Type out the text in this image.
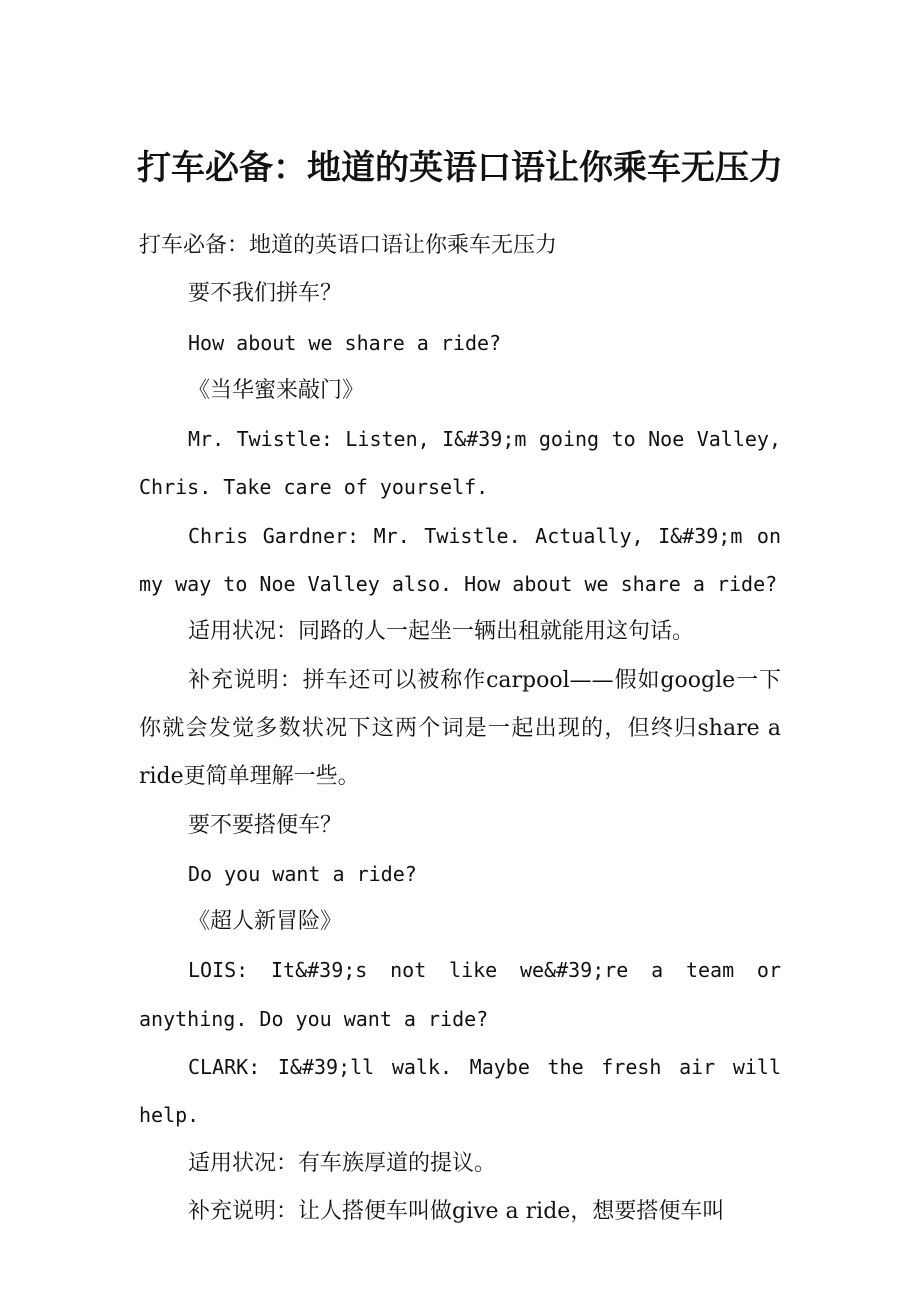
打车必备：地道的英语口语让你乘车无压力

打车必备：地道的英语口语让你乘车无压力

要不我们拼车？

How about we share a ride?

《当华蜜来敲门》

Mr. Twistle: Listen, I&#39;m going to Noe Valley, Chris. Take care of yourself.

Chris Gardner: Mr. Twistle. Actually, I&#39;m on my way to Noe Valley also. How about we share a ride?

适用状况：同路的人一起坐一辆出租就能用这句话。

补充说明：拼车还可以被称作carpool——假如google一下你就会发觉多数状况下这两个词是一起出现的，但终归share a ride更简单理解一些。

要不要搭便车？

Do you want a ride?

《超人新冒险》

LOIS: It&#39;s not like we&#39;re a team or anything. Do you want a ride?

CLARK: I&#39;ll walk. Maybe the fresh air will help.

适用状况：有车族厚道的提议。

补充说明：让人搭便车叫做give a ride，想要搭便车叫
